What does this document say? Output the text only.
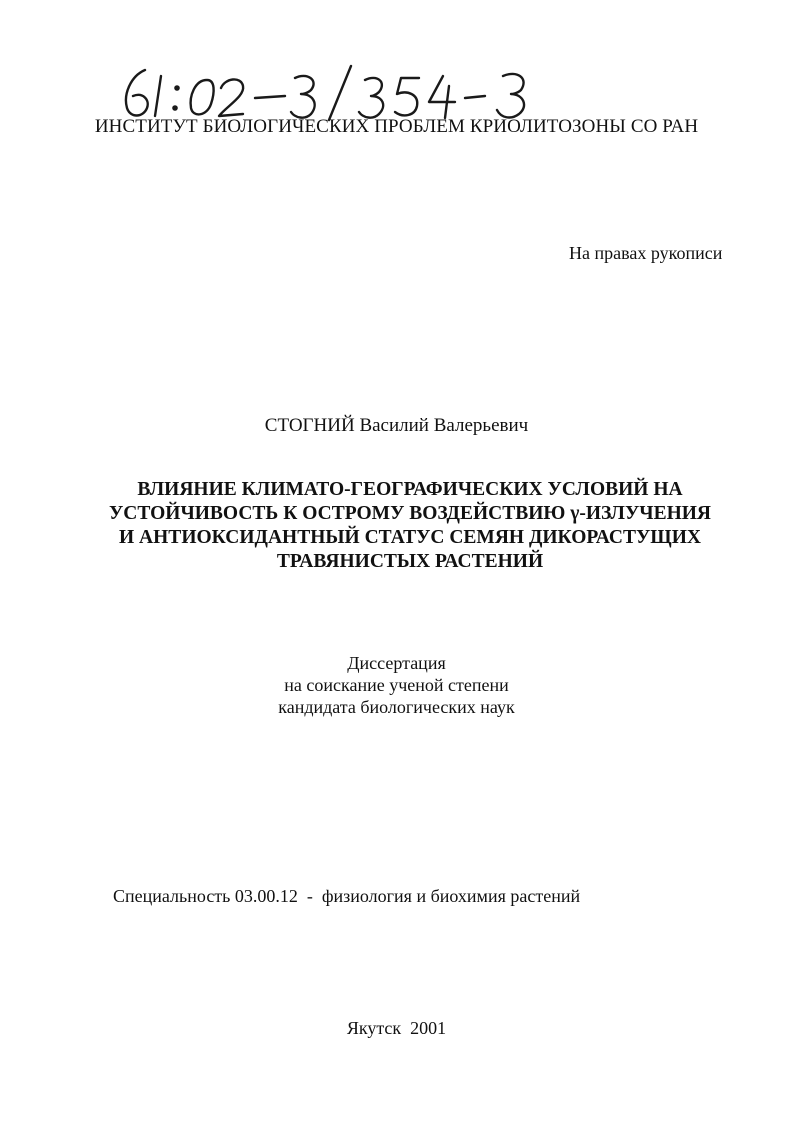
ИНСТИТУТ БИОЛОГИЧЕСКИХ ПРОБЛЕМ КРИОЛИТОЗОНЫ СО РАН
На правах рукописи
СТОГНИЙ Василий Валерьевич
ВЛИЯНИЕ КЛИМАТО-ГЕОГРАФИЧЕСКИХ УСЛОВИЙ НА
УСТОЙЧИВОСТЬ К ОСТРОМУ ВОЗДЕЙСТВИЮ γ-ИЗЛУЧЕНИЯ
И АНТИОКСИДАНТНЫЙ СТАТУС СЕМЯН ДИКОРАСТУЩИХ
ТРАВЯНИСТЫХ РАСТЕНИЙ
Диссертация
на соискание ученой степени
кандидата биологических наук
Специальность 03.00.12  -  физиология и биохимия растений
Якутск  2001
